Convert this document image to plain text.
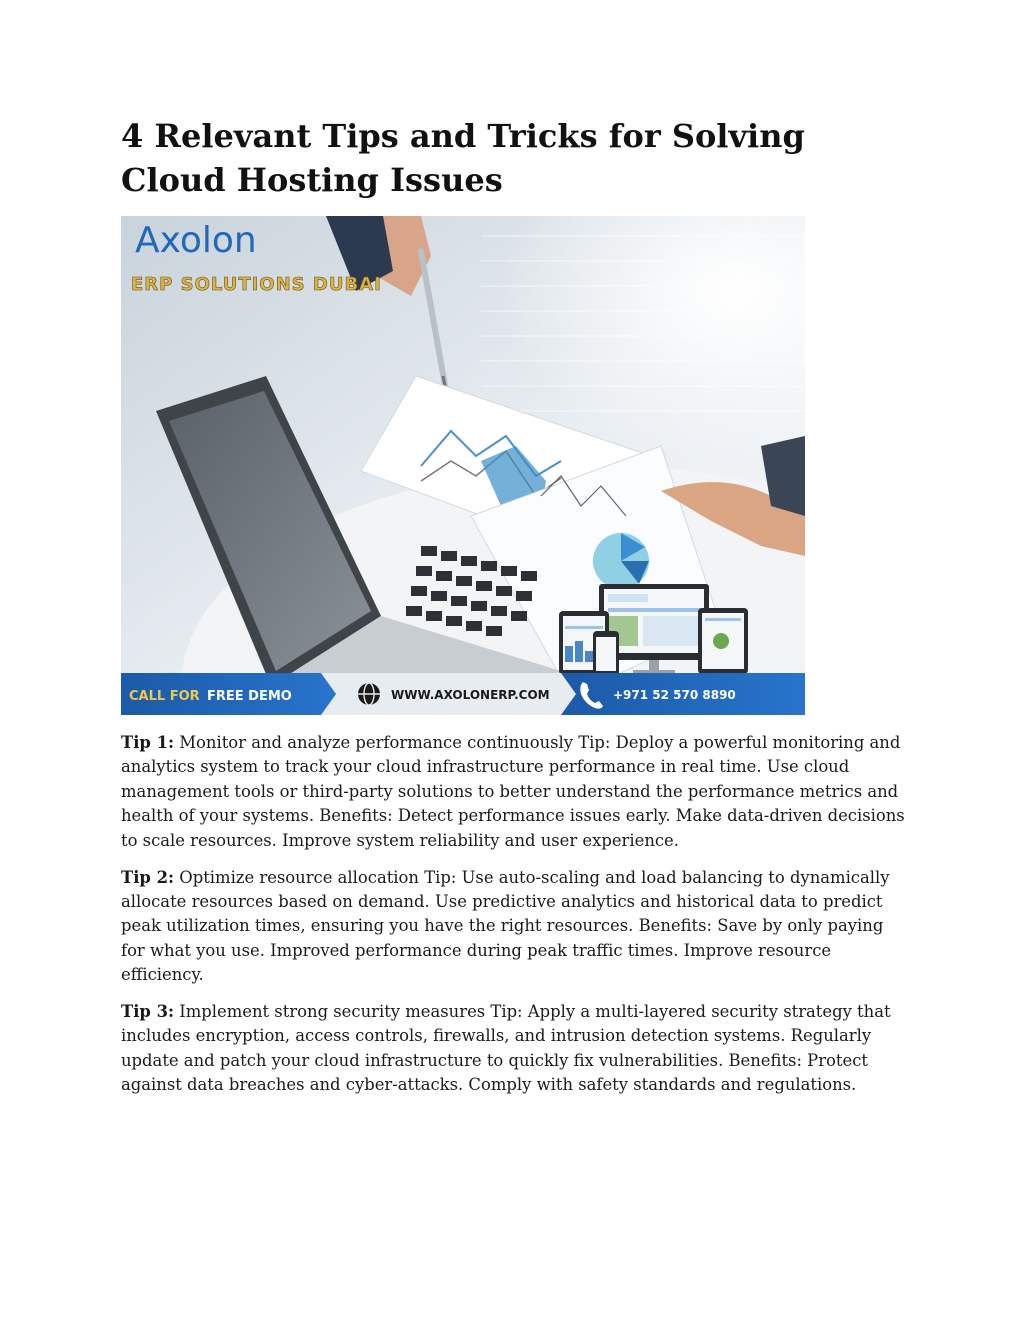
4 Relevant Tips and Tricks for Solving Cloud Hosting Issues
Axolon
ERP SOLUTIONS DUBAI
CALL FOR FREE DEMO	WWW.AXOLONERP.COM	+971 52 570 8890

Tip 1: Monitor and analyze performance continuously Tip: Deploy a powerful monitoring and analytics system to track your cloud infrastructure performance in real time. Use cloud management tools or third-party solutions to better understand the performance metrics and health of your systems. Benefits: Detect performance issues early. Make data-driven decisions to scale resources. Improve system reliability and user experience.

Tip 2: Optimize resource allocation Tip: Use auto-scaling and load balancing to dynamically allocate resources based on demand. Use predictive analytics and historical data to predict peak utilization times, ensuring you have the right resources. Benefits: Save by only paying for what you use. Improved performance during peak traffic times. Improve resource efficiency.

Tip 3: Implement strong security measures Tip: Apply a multi-layered security strategy that includes encryption, access controls, firewalls, and intrusion detection systems. Regularly update and patch your cloud infrastructure to quickly fix vulnerabilities. Benefits: Protect against data breaches and cyber-attacks. Comply with safety standards and regulations.
